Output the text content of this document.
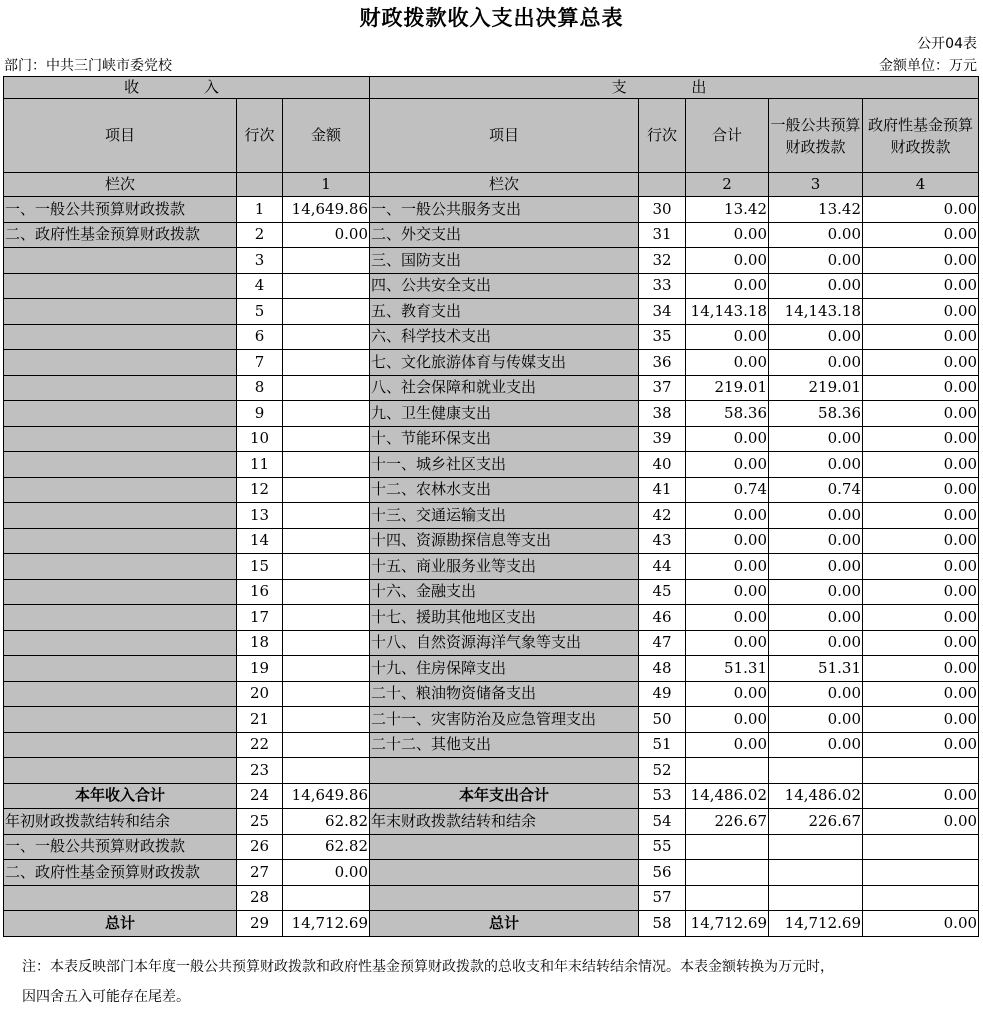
财政拨款收入支出决算总表
公开04表
部门：中共三门峡市委党校	金额单位：万元
收 入			支 出				
项目	行次	金额	项目	行次	合计	一般公共预算财政拨款	政府性基金预算财政拨款
栏次		1	栏次		2	3	4
一、一般公共预算财政拨款	1	14,649.86	一、一般公共服务支出	30	13.42	13.42	0.00
二、政府性基金预算财政拨款	2	0.00	二、外交支出	31	0.00	0.00	0.00
	3		三、国防支出	32	0.00	0.00	0.00
	4		四、公共安全支出	33	0.00	0.00	0.00
	5		五、教育支出	34	14,143.18	14,143.18	0.00
	6		六、科学技术支出	35	0.00	0.00	0.00
	7		七、文化旅游体育与传媒支出	36	0.00	0.00	0.00
	8		八、社会保障和就业支出	37	219.01	219.01	0.00
	9		九、卫生健康支出	38	58.36	58.36	0.00
	10		十、节能环保支出	39	0.00	0.00	0.00
	11		十一、城乡社区支出	40	0.00	0.00	0.00
	12		十二、农林水支出	41	0.74	0.74	0.00
	13		十三、交通运输支出	42	0.00	0.00	0.00
	14		十四、资源勘探信息等支出	43	0.00	0.00	0.00
	15		十五、商业服务业等支出	44	0.00	0.00	0.00
	16		十六、金融支出	45	0.00	0.00	0.00
	17		十七、援助其他地区支出	46	0.00	0.00	0.00
	18		十八、自然资源海洋气象等支出	47	0.00	0.00	0.00
	19		十九、住房保障支出	48	51.31	51.31	0.00
	20		二十、粮油物资储备支出	49	0.00	0.00	0.00
	21		二十一、灾害防治及应急管理支出	50	0.00	0.00	0.00
	22		二十二、其他支出	51	0.00	0.00	0.00
	23			52			
本年收入合计	24	14,649.86	本年支出合计	53	14,486.02	14,486.02	0.00
年初财政拨款结转和结余	25	62.82	年末财政拨款结转和结余	54	226.67	226.67	0.00
一、一般公共预算财政拨款	26	62.82		55			
二、政府性基金预算财政拨款	27	0.00		56			
	28			57			
总计	29	14,712.69	总计	58	14,712.69	14,712.69	0.00
注：本表反映部门本年度一般公共预算财政拨款和政府性基金预算财政拨款的总收支和年末结转结余情况。本表金额转换为万元时，
因四舍五入可能存在尾差。
